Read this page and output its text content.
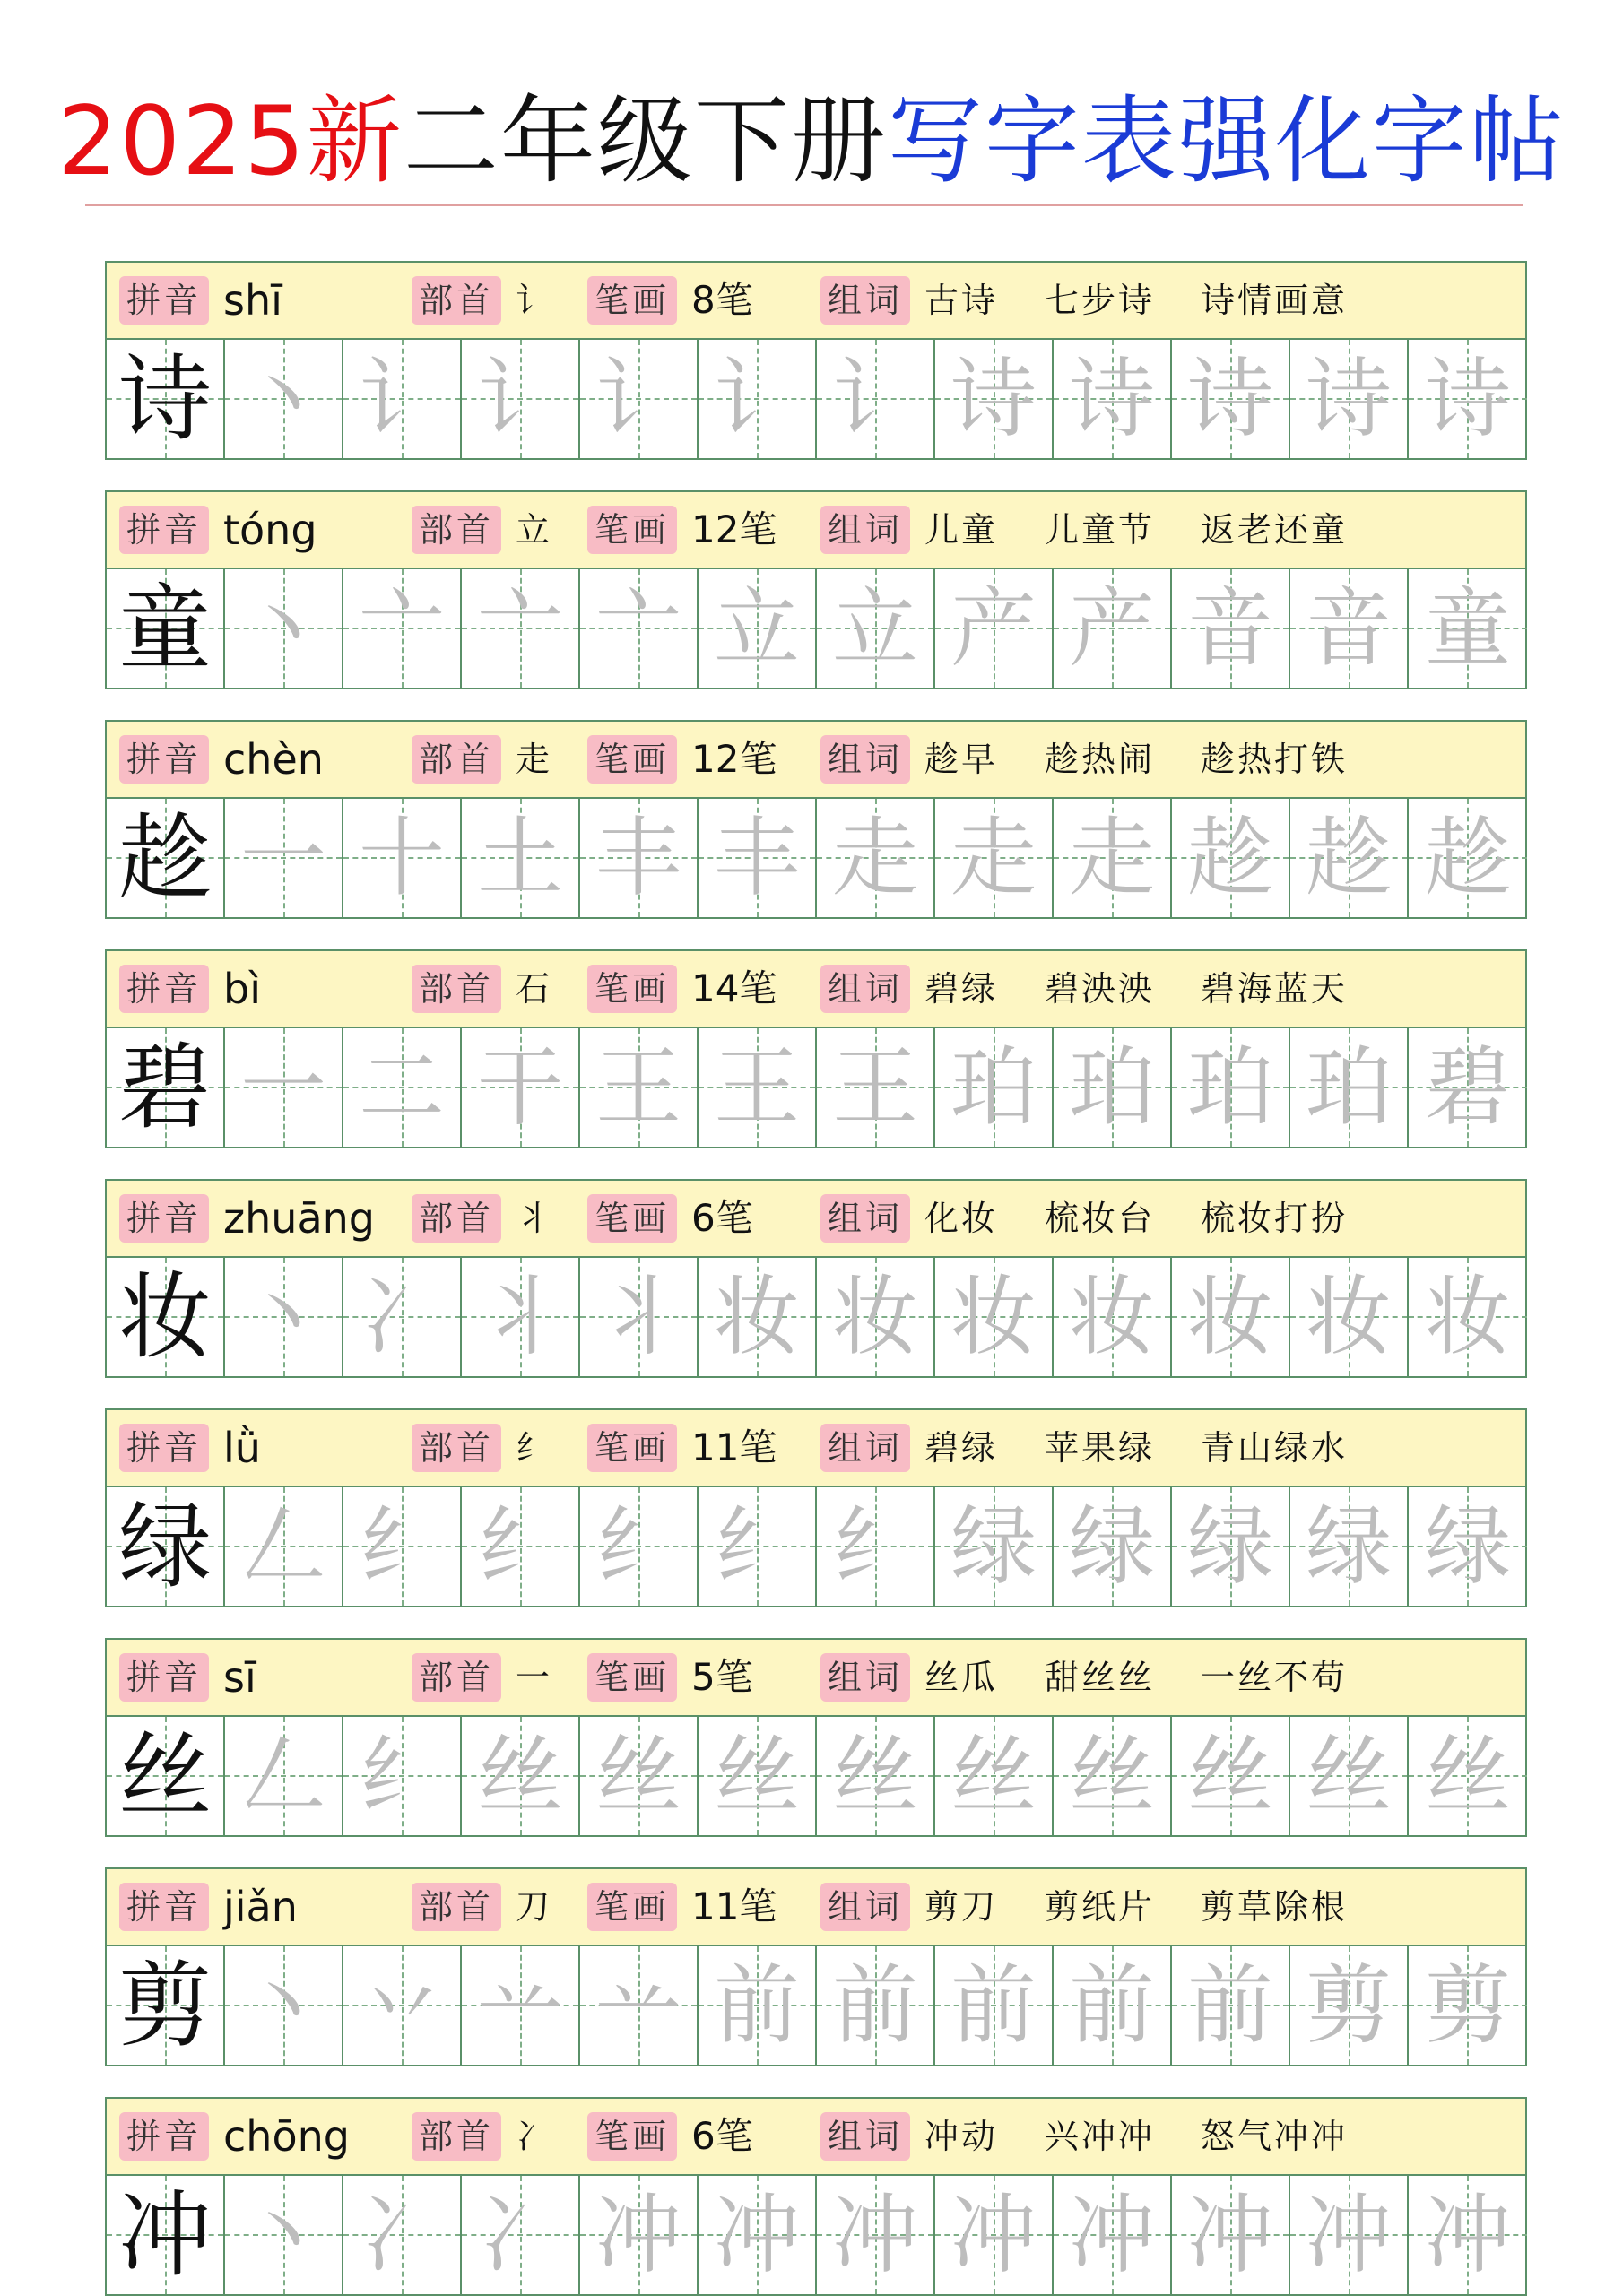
2025新二年级下册写字表强化字帖
拼音 shī	部首 讠 笔画 8笔 组词 古诗 七步诗 诗情画意
诗 丶 讠 讠 讠 讠 讠 诗 诗 诗 诗 诗
拼音 tóng	部首 立 笔画 12笔 组词 儿童 儿童节 返老还童
童 丶 亠 亠 亠 立 立 产 产 音 音 童
拼音 chèn	部首 走 笔画 12笔 组词 趁早 趁热闹 趁热打铁
趁 一 十 土 丰 丰 走 走 走 趁 趁 趁
拼音 bì	部首 石 笔画 14笔 组词 碧绿 碧泱泱 碧海蓝天
碧 一 二 干 王 王 王 珀 珀 珀 珀 碧
拼音 zhuāng 部首 丬 笔画 6笔 组词 化妆 梳妆台 梳妆打扮
妆 丶 冫 丬 丬 妆 妆 妆 妆 妆 妆 妆
拼音 lǜ	部首 纟 笔画 11笔 组词 碧绿 苹果绿 青山绿水
绿 𠃋 纟 纟 纟 纟 纟 绿 绿 绿 绿 绿
拼音 sī	部首 一 笔画 5笔 组词 丝瓜 甜丝丝 一丝不苟
丝 𠃋 纟 丝 丝 丝 丝 丝 丝 丝 丝 丝
拼音 jiǎn	部首 刀 笔画 11笔 组词 剪刀 剪纸片 剪草除根
剪 丶 丷 䒑 䒑 前 前 前 前 前 剪 剪
拼音 chōng 部首 冫 笔画 6笔 组词 冲动 兴冲冲 怒气冲冲
冲 丶 冫 冫 冲 冲 冲 冲 冲 冲 冲 冲
